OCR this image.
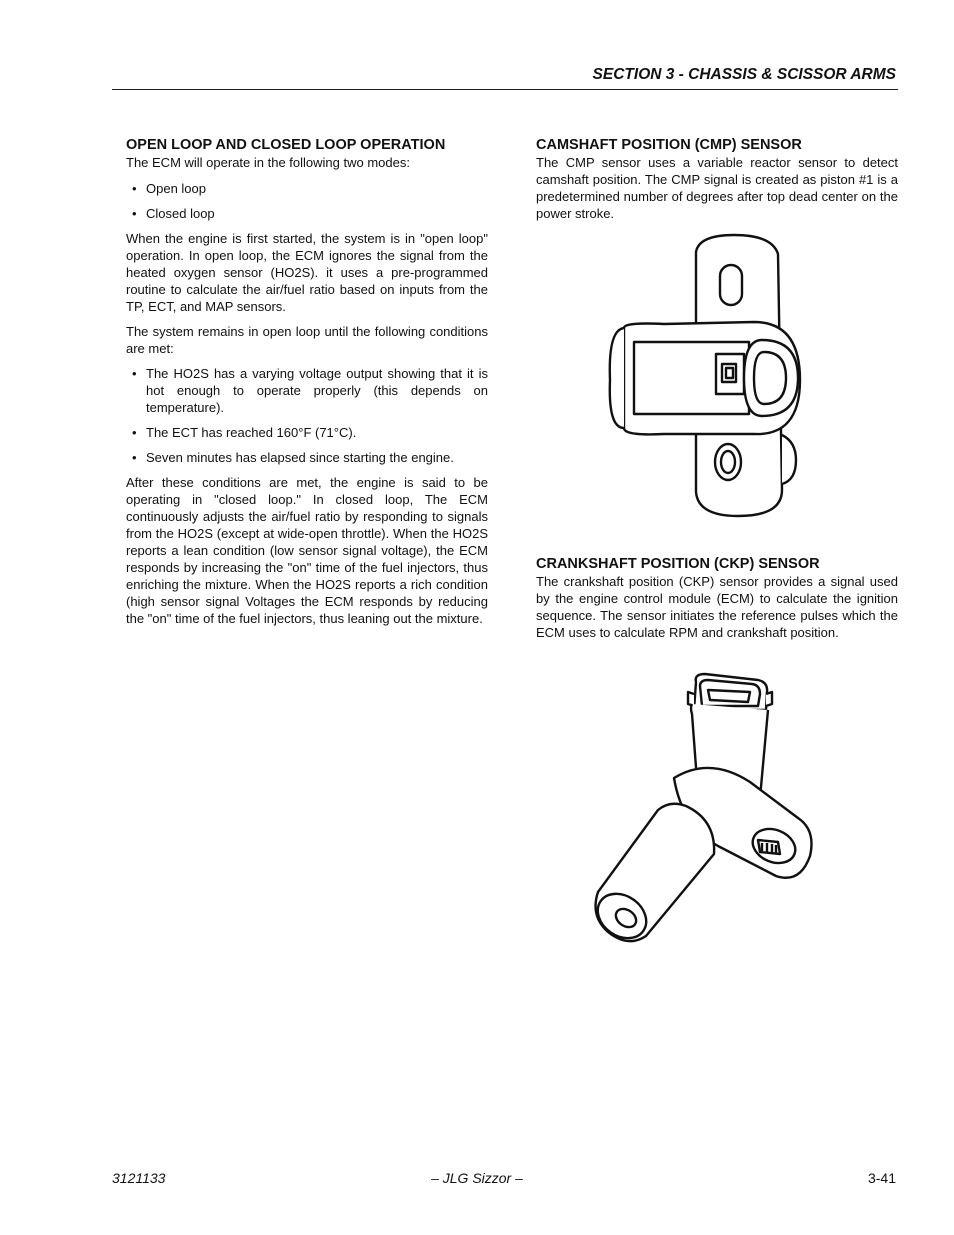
SECTION 3 - CHASSIS & SCISSOR ARMS
OPEN LOOP AND CLOSED LOOP OPERATION

The ECM will operate in the following two modes:

• Open loop
• Closed loop

When the engine is first started, the system is in "open loop" operation. In open loop, the ECM ignores the signal from the heated oxygen sensor (HO2S). it uses a pre-programmed routine to calculate the air/fuel ratio based on inputs from the TP, ECT, and MAP sensors.

The system remains in open loop until the following conditions are met:

• The HO2S has a varying voltage output showing that it is hot enough to operate properly (this depends on temperature).
• The ECT has reached 160°F (71°C).
• Seven minutes has elapsed since starting the engine.

After these conditions are met, the engine is said to be operating in "closed loop." In closed loop, The ECM continuously adjusts the air/fuel ratio by responding to signals from the HO2S (except at wide-open throttle). When the HO2S reports a lean condition (low sensor signal voltage), the ECM responds by increasing the "on" time of the fuel injectors, thus enriching the mixture. When the HO2S reports a rich condition (high sensor signal Voltages the ECM responds by reducing the "on" time of the fuel injectors, thus leaning out the mixture.

CAMSHAFT POSITION (CMP) SENSOR

The CMP sensor uses a variable reactor sensor to detect camshaft position. The CMP signal is created as piston #1 is a predetermined number of degrees after top dead center on the power stroke.

CRANKSHAFT POSITION (CKP) SENSOR

The crankshaft position (CKP) sensor provides a signal used by the engine control module (ECM) to calculate the ignition sequence. The sensor initiates the reference pulses which the ECM uses to calculate RPM and crankshaft position.

3121133	– JLG Sizzor –	3-41
